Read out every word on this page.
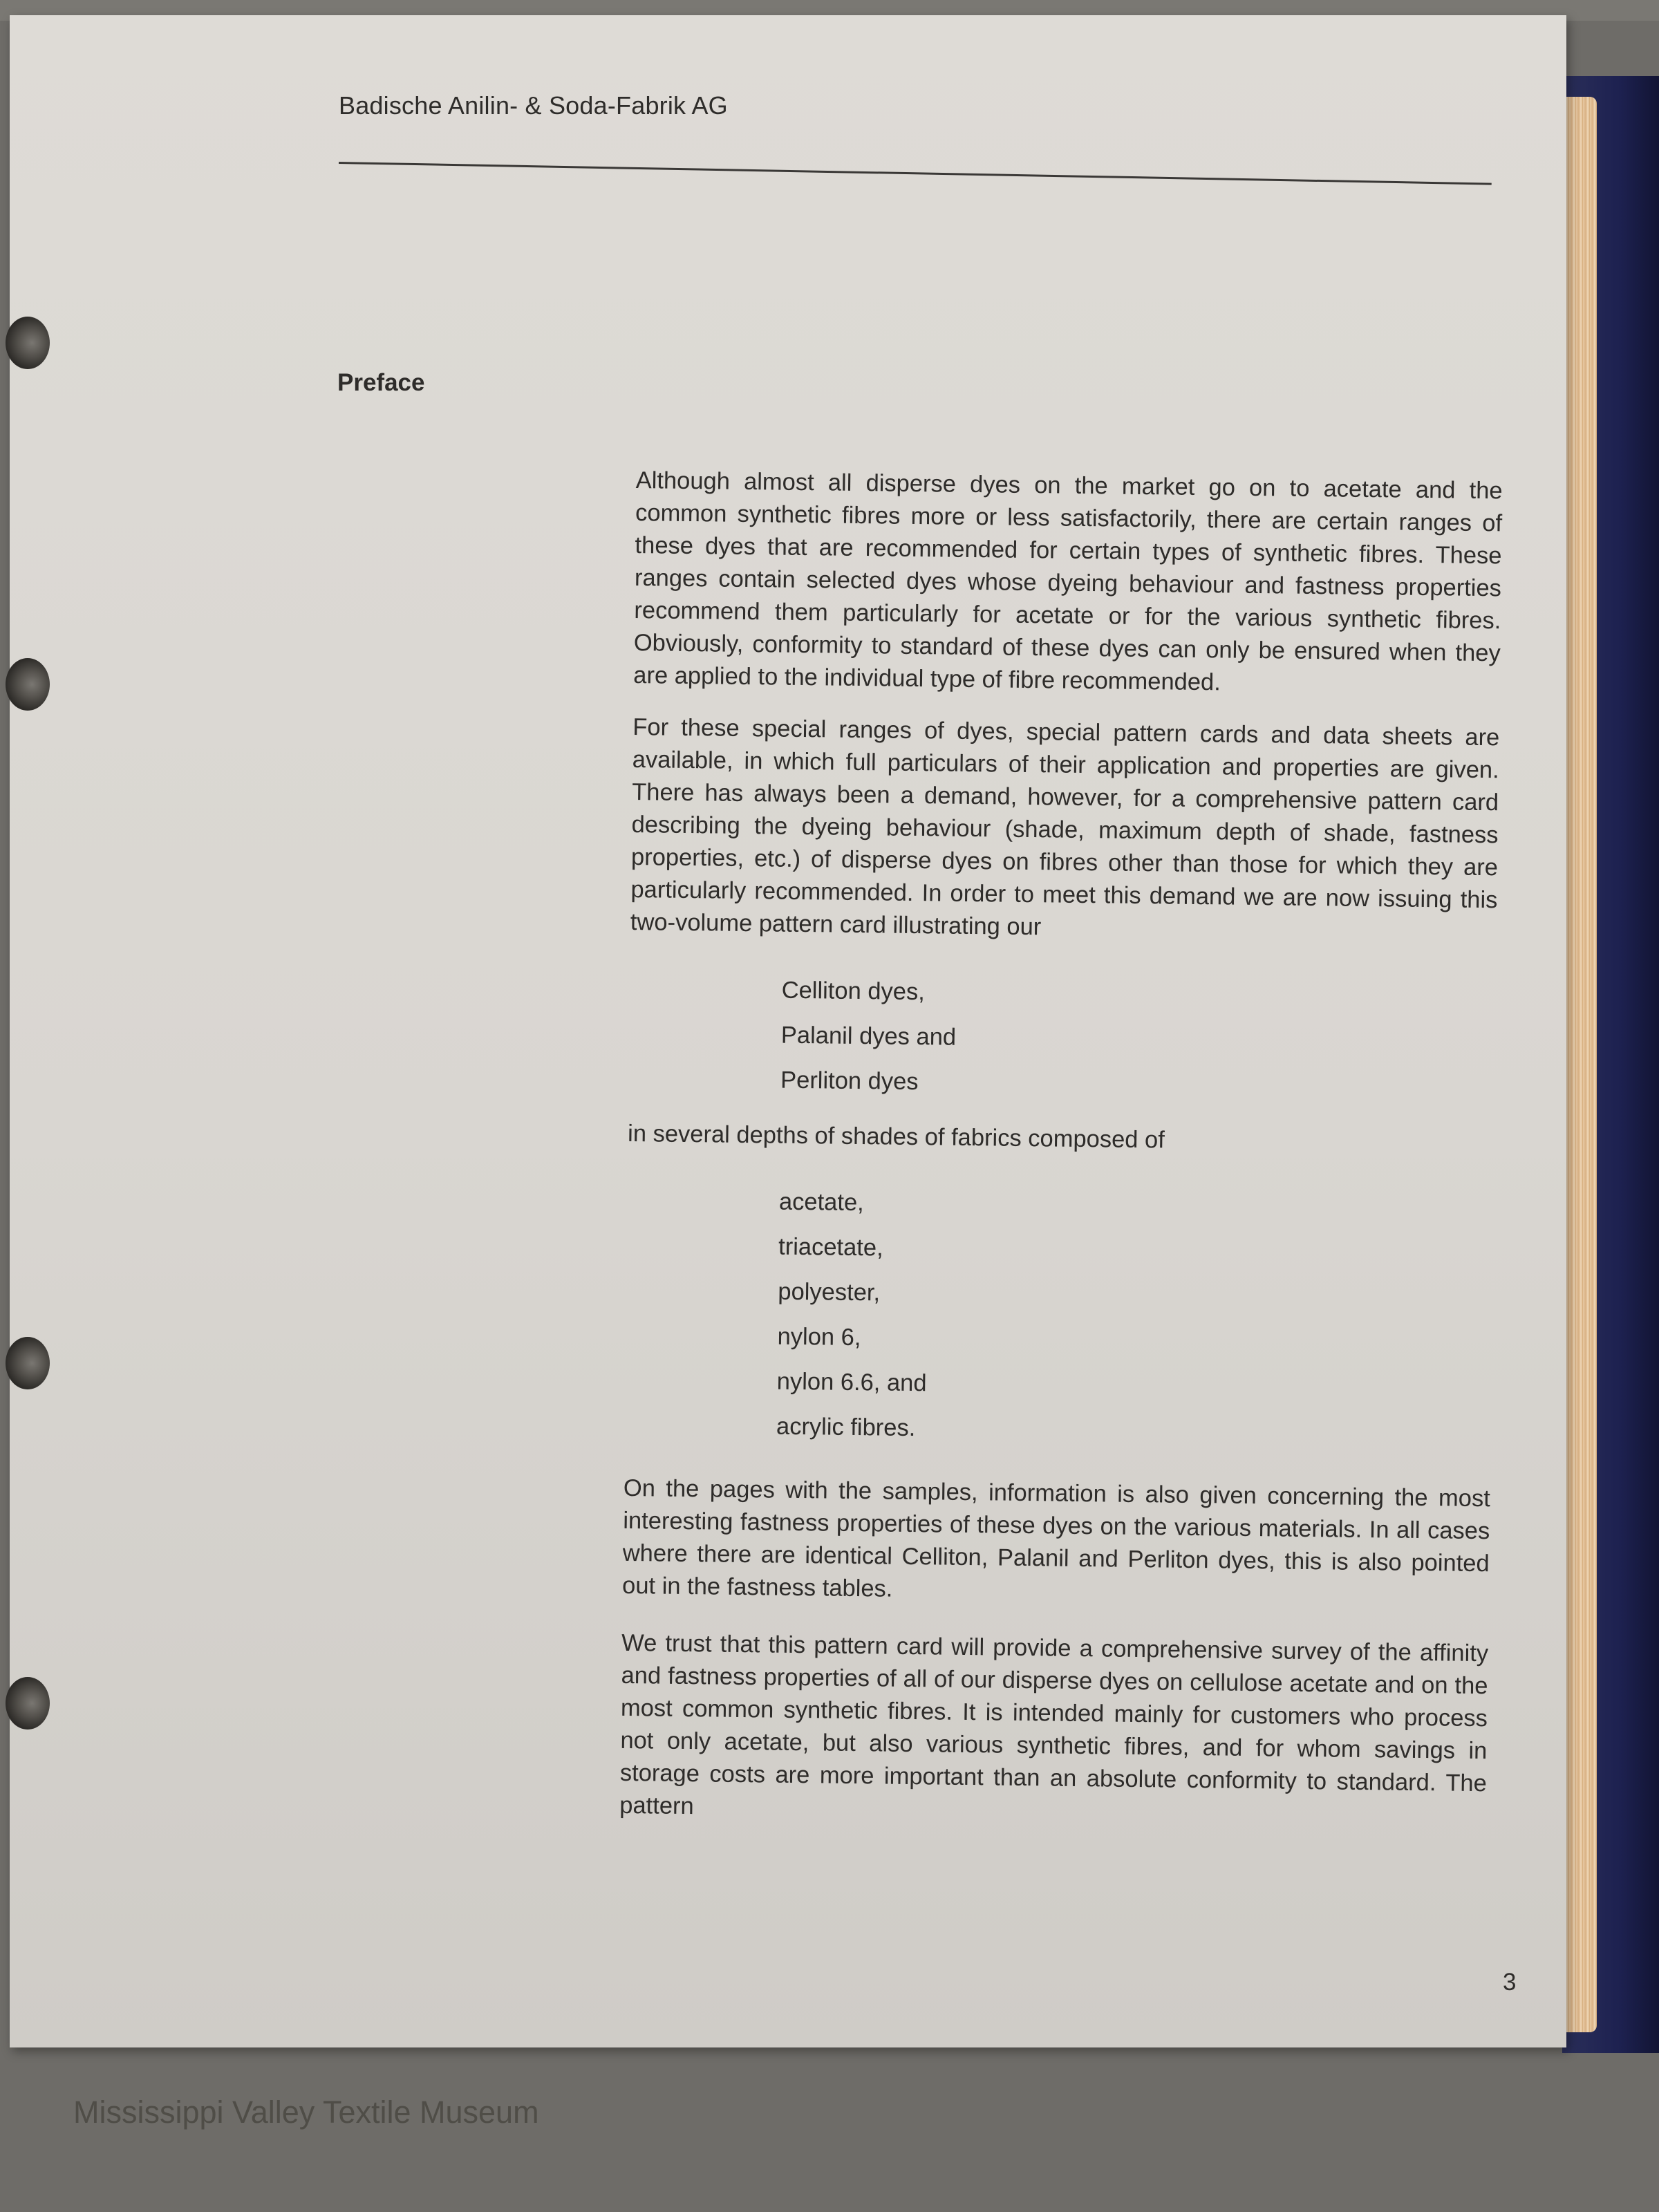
Badische Anilin- & Soda-Fabrik AG
Preface

Although almost all disperse dyes on the market go on to acetate and the common synthetic fibres more or less satisfactorily, there are certain ranges of these dyes that are recommended for certain types of synthetic fibres. These ranges contain selected dyes whose dyeing behaviour and fastness properties recommend them particularly for acetate or for the various synthetic fibres. Obviously, conformity to standard of these dyes can only be ensured when they are applied to the individual type of fibre recommended.

For these special ranges of dyes, special pattern cards and data sheets are available, in which full particulars of their application and properties are given. There has always been a demand, however, for a comprehensive pattern card describing the dyeing behaviour (shade, maximum depth of shade, fastness properties, etc.) of disperse dyes on fibres other than those for which they are particularly recommended. In order to meet this demand we are now issuing this two-volume pattern card illustrating our

Celliton dyes,
Palanil dyes and
Perliton dyes

in several depths of shades of fabrics composed of

acetate,
triacetate,
polyester,
nylon 6,
nylon 6.6, and
acrylic fibres.

On the pages with the samples, information is also given concerning the most interesting fastness properties of these dyes on the various materials. In all cases where there are identical Celliton, Palanil and Perliton dyes, this is also pointed out in the fastness tables.

We trust that this pattern card will provide a comprehensive survey of the affinity and fastness properties of all of our disperse dyes on cellulose acetate and on the most common synthetic fibres. It is intended mainly for customers who process not only acetate, but also various synthetic fibres, and for whom savings in storage costs are more important than an absolute conformity to standard. The pattern

3
Mississippi Valley Textile Museum
